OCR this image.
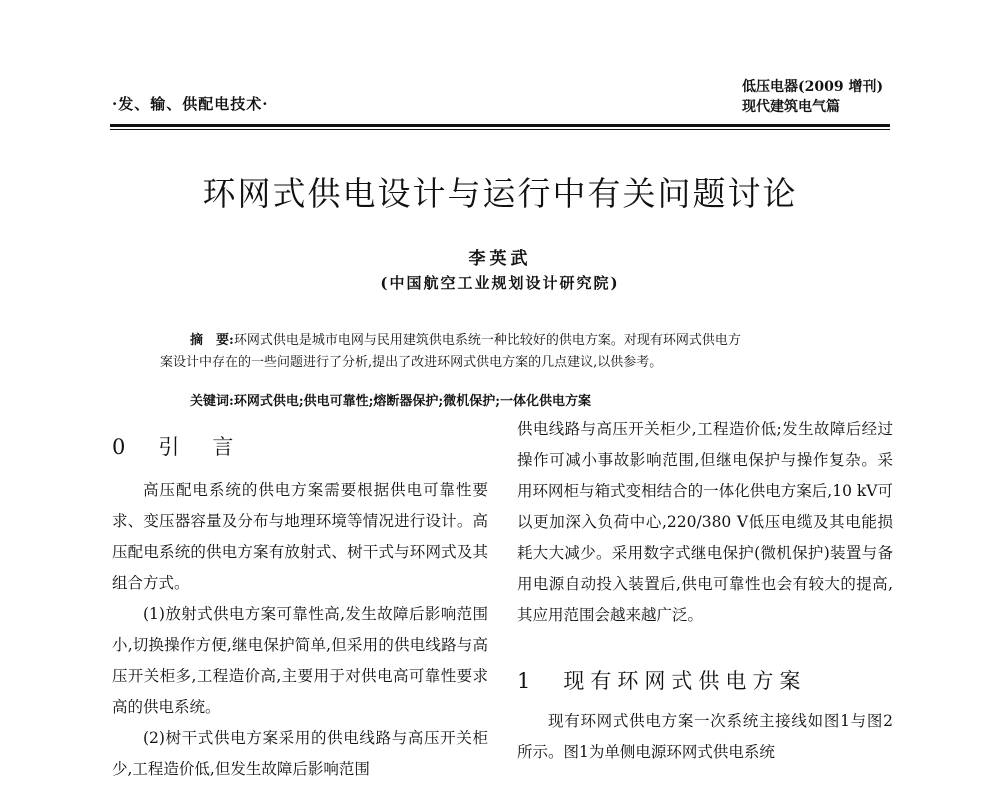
·发、输、供配电技术·
低压电器(2009 增刊)
现代建筑电气篇
环网式供电设计与运行中有关问题讨论
李英武
(中国航空工业规划设计研究院)
摘　要:环网式供电是城市电网与民用建筑供电系统一种比较好的供电方案。对现有环网式供电方
案设计中存在的一些问题进行了分析,提出了改进环网式供电方案的几点建议,以供参考。
关键词:环网式供电;供电可靠性;熔断器保护;微机保护;一体化供电方案
0　引　言

高压配电系统的供电方案需要根据供电可靠性要求、变压器容量及分布与地理环境等情况进行设计。高压配电系统的供电方案有放射式、树干式与环网式及其组合方式。

(1)放射式供电方案可靠性高,发生故障后影响范围小,切换操作方便,继电保护简单,但采用的供电线路与高压开关柜多,工程造价高,主要用于对供电高可靠性要求高的供电系统。

(2)树干式供电方案采用的供电线路与高压开关柜少,工程造价低,但发生故障后影响范围

供电线路与高压开关柜少,工程造价低;发生故障后经过操作可减小事故影响范围,但继电保护与操作复杂。采用环网柜与箱式变相结合的一体化供电方案后,10 kV可以更加深入负荷中心,220/380 V低压电缆及其电能损耗大大减少。采用数字式继电保护(微机保护)装置与备用电源自动投入装置后,供电可靠性也会有较大的提高,其应用范围会越来越广泛。

1　现有环网式供电方案

现有环网式供电方案一次系统主接线如图1与图2所示。图1为单侧电源环网式供电系统
